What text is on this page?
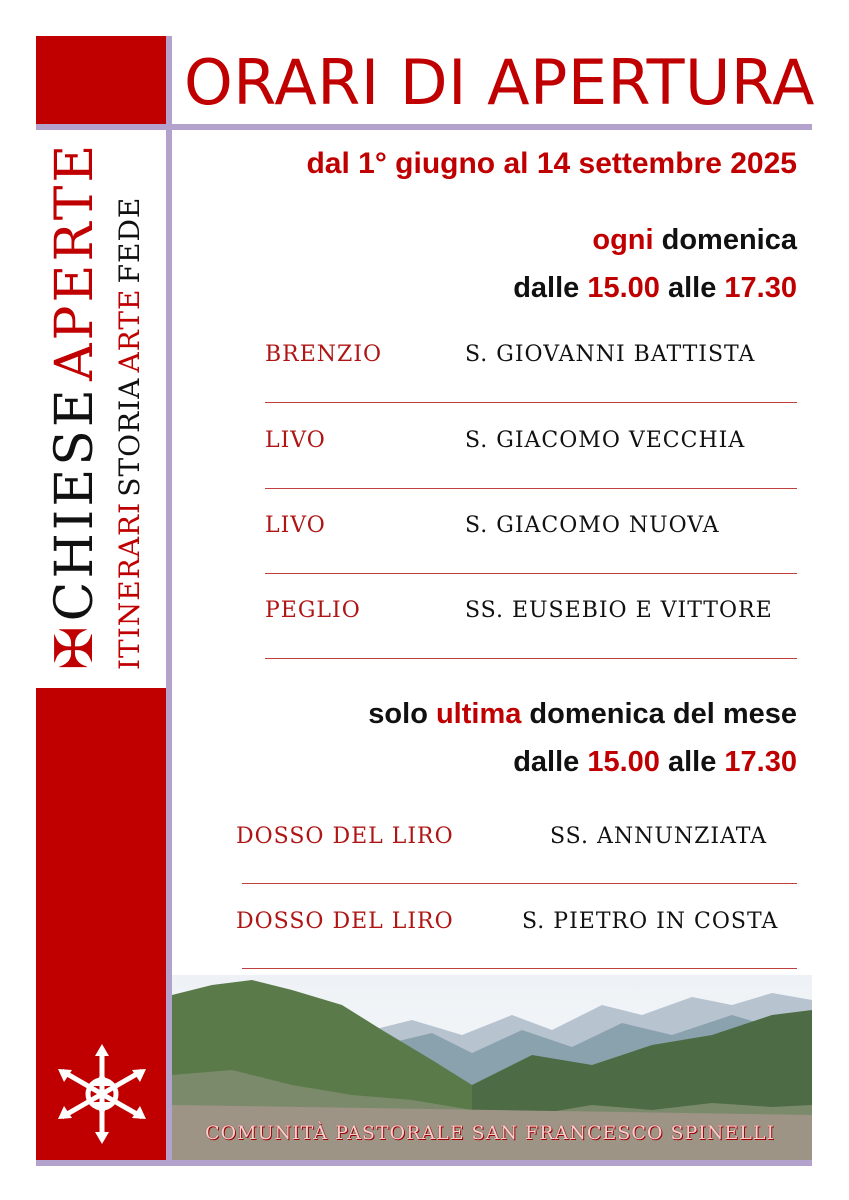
ORARI DI APERTURA
✠ CHIESE APERTE
ITINERARI STORIA ARTE FEDE
dal 1° giugno al 14 settembre 2025
ogni domenica
dalle 15.00 alle 17.30
BRENZIO	S. GIOVANNI BATTISTA
LIVO	S. GIACOMO VECCHIA
LIVO	S. GIACOMO NUOVA
PEGLIO	SS. EUSEBIO E VITTORE
solo ultima domenica del mese
dalle 15.00 alle 17.30
DOSSO DEL LIRO	SS. ANNUNZIATA
DOSSO DEL LIRO	S. PIETRO IN COSTA
COMUNITÀ PASTORALE SAN FRANCESCO SPINELLI
